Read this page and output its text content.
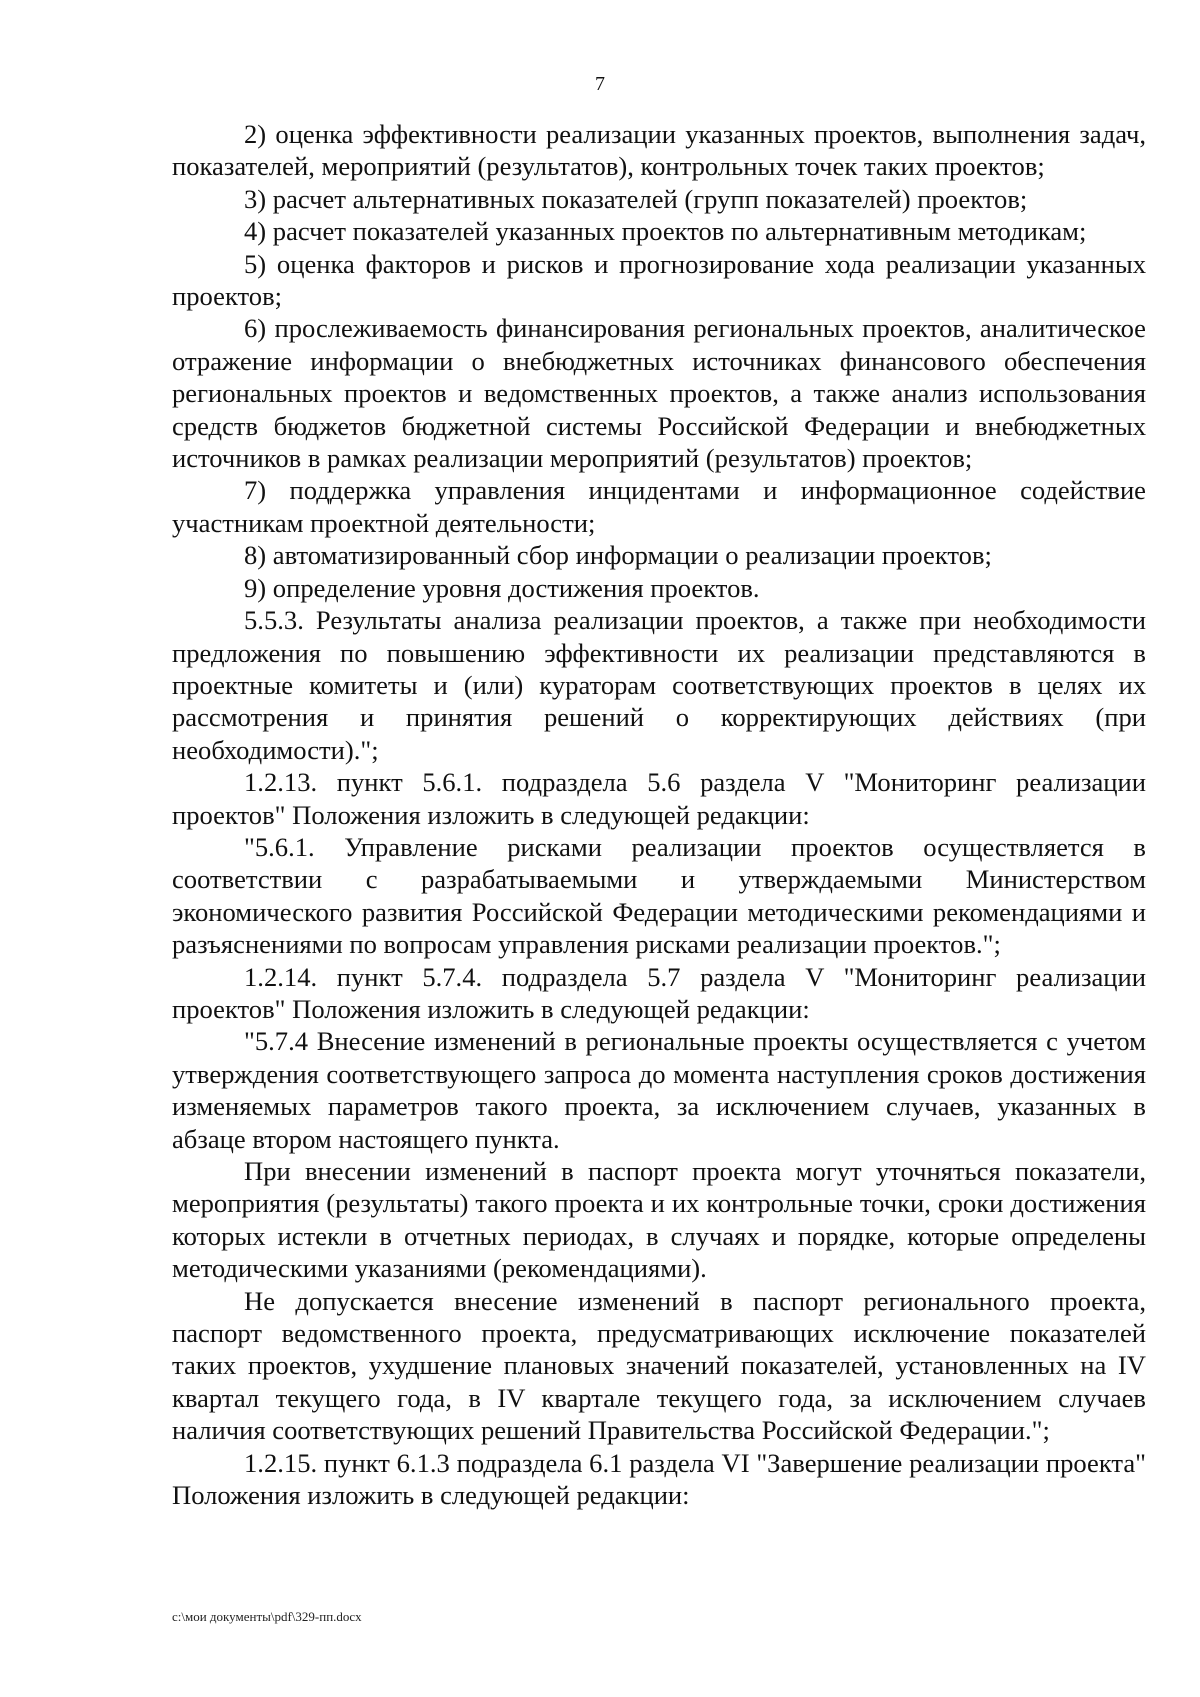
7

2) оценка эффективности реализации указанных проектов, выполнения задач, показателей, мероприятий (результатов), контрольных точек таких проектов;

3) расчет альтернативных показателей (групп показателей) проектов;

4) расчет показателей указанных проектов по альтернативным методикам;

5) оценка факторов и рисков и прогнозирование хода реализации указанных проектов;

6) прослеживаемость финансирования региональных проектов, аналитическое отражение информации о внебюджетных источниках финансового обеспечения региональных проектов и ведомственных проектов, а также анализ использования средств бюджетов бюджетной системы Российской Федерации и внебюджетных источников в рамках реализации мероприятий (результатов) проектов;

7) поддержка управления инцидентами и информационное содействие участникам проектной деятельности;

8) автоматизированный сбор информации о реализации проектов;

9) определение уровня достижения проектов.

5.5.3. Результаты анализа реализации проектов, а также при необходимости предложения по повышению эффективности их реализации представляются в проектные комитеты и (или) кураторам соответствующих проектов в целях их рассмотрения и принятия решений о корректирующих действиях (при необходимости).";

1.2.13. пункт 5.6.1. подраздела 5.6 раздела V "Мониторинг реализации проектов" Положения изложить в следующей редакции:

"5.6.1. Управление рисками реализации проектов осуществляется в соответствии с разрабатываемыми и утверждаемыми Министерством экономического развития Российской Федерации методическими рекомендациями и разъяснениями по вопросам управления рисками реализации проектов.";

1.2.14. пункт 5.7.4. подраздела 5.7 раздела V "Мониторинг реализации проектов" Положения изложить в следующей редакции:

"5.7.4 Внесение изменений в региональные проекты осуществляется с учетом утверждения соответствующего запроса до момента наступления сроков достижения изменяемых параметров такого проекта, за исключением случаев, указанных в абзаце втором настоящего пункта.

При внесении изменений в паспорт проекта могут уточняться показатели, мероприятия (результаты) такого проекта и их контрольные точки, сроки достижения которых истекли в отчетных периодах, в случаях и порядке, которые определены методическими указаниями (рекомендациями).

Не допускается внесение изменений в паспорт регионального проекта, паспорт ведомственного проекта, предусматривающих исключение показателей таких проектов, ухудшение плановых значений показателей, установленных на IV квартал текущего года, в IV квартале текущего года, за исключением случаев наличия соответствующих решений Правительства Российской Федерации.";

1.2.15. пункт 6.1.3 подраздела 6.1 раздела VI "Завершение реализации проекта" Положения изложить в следующей редакции:

c:\мои документы\pdf\329-пп.docx
